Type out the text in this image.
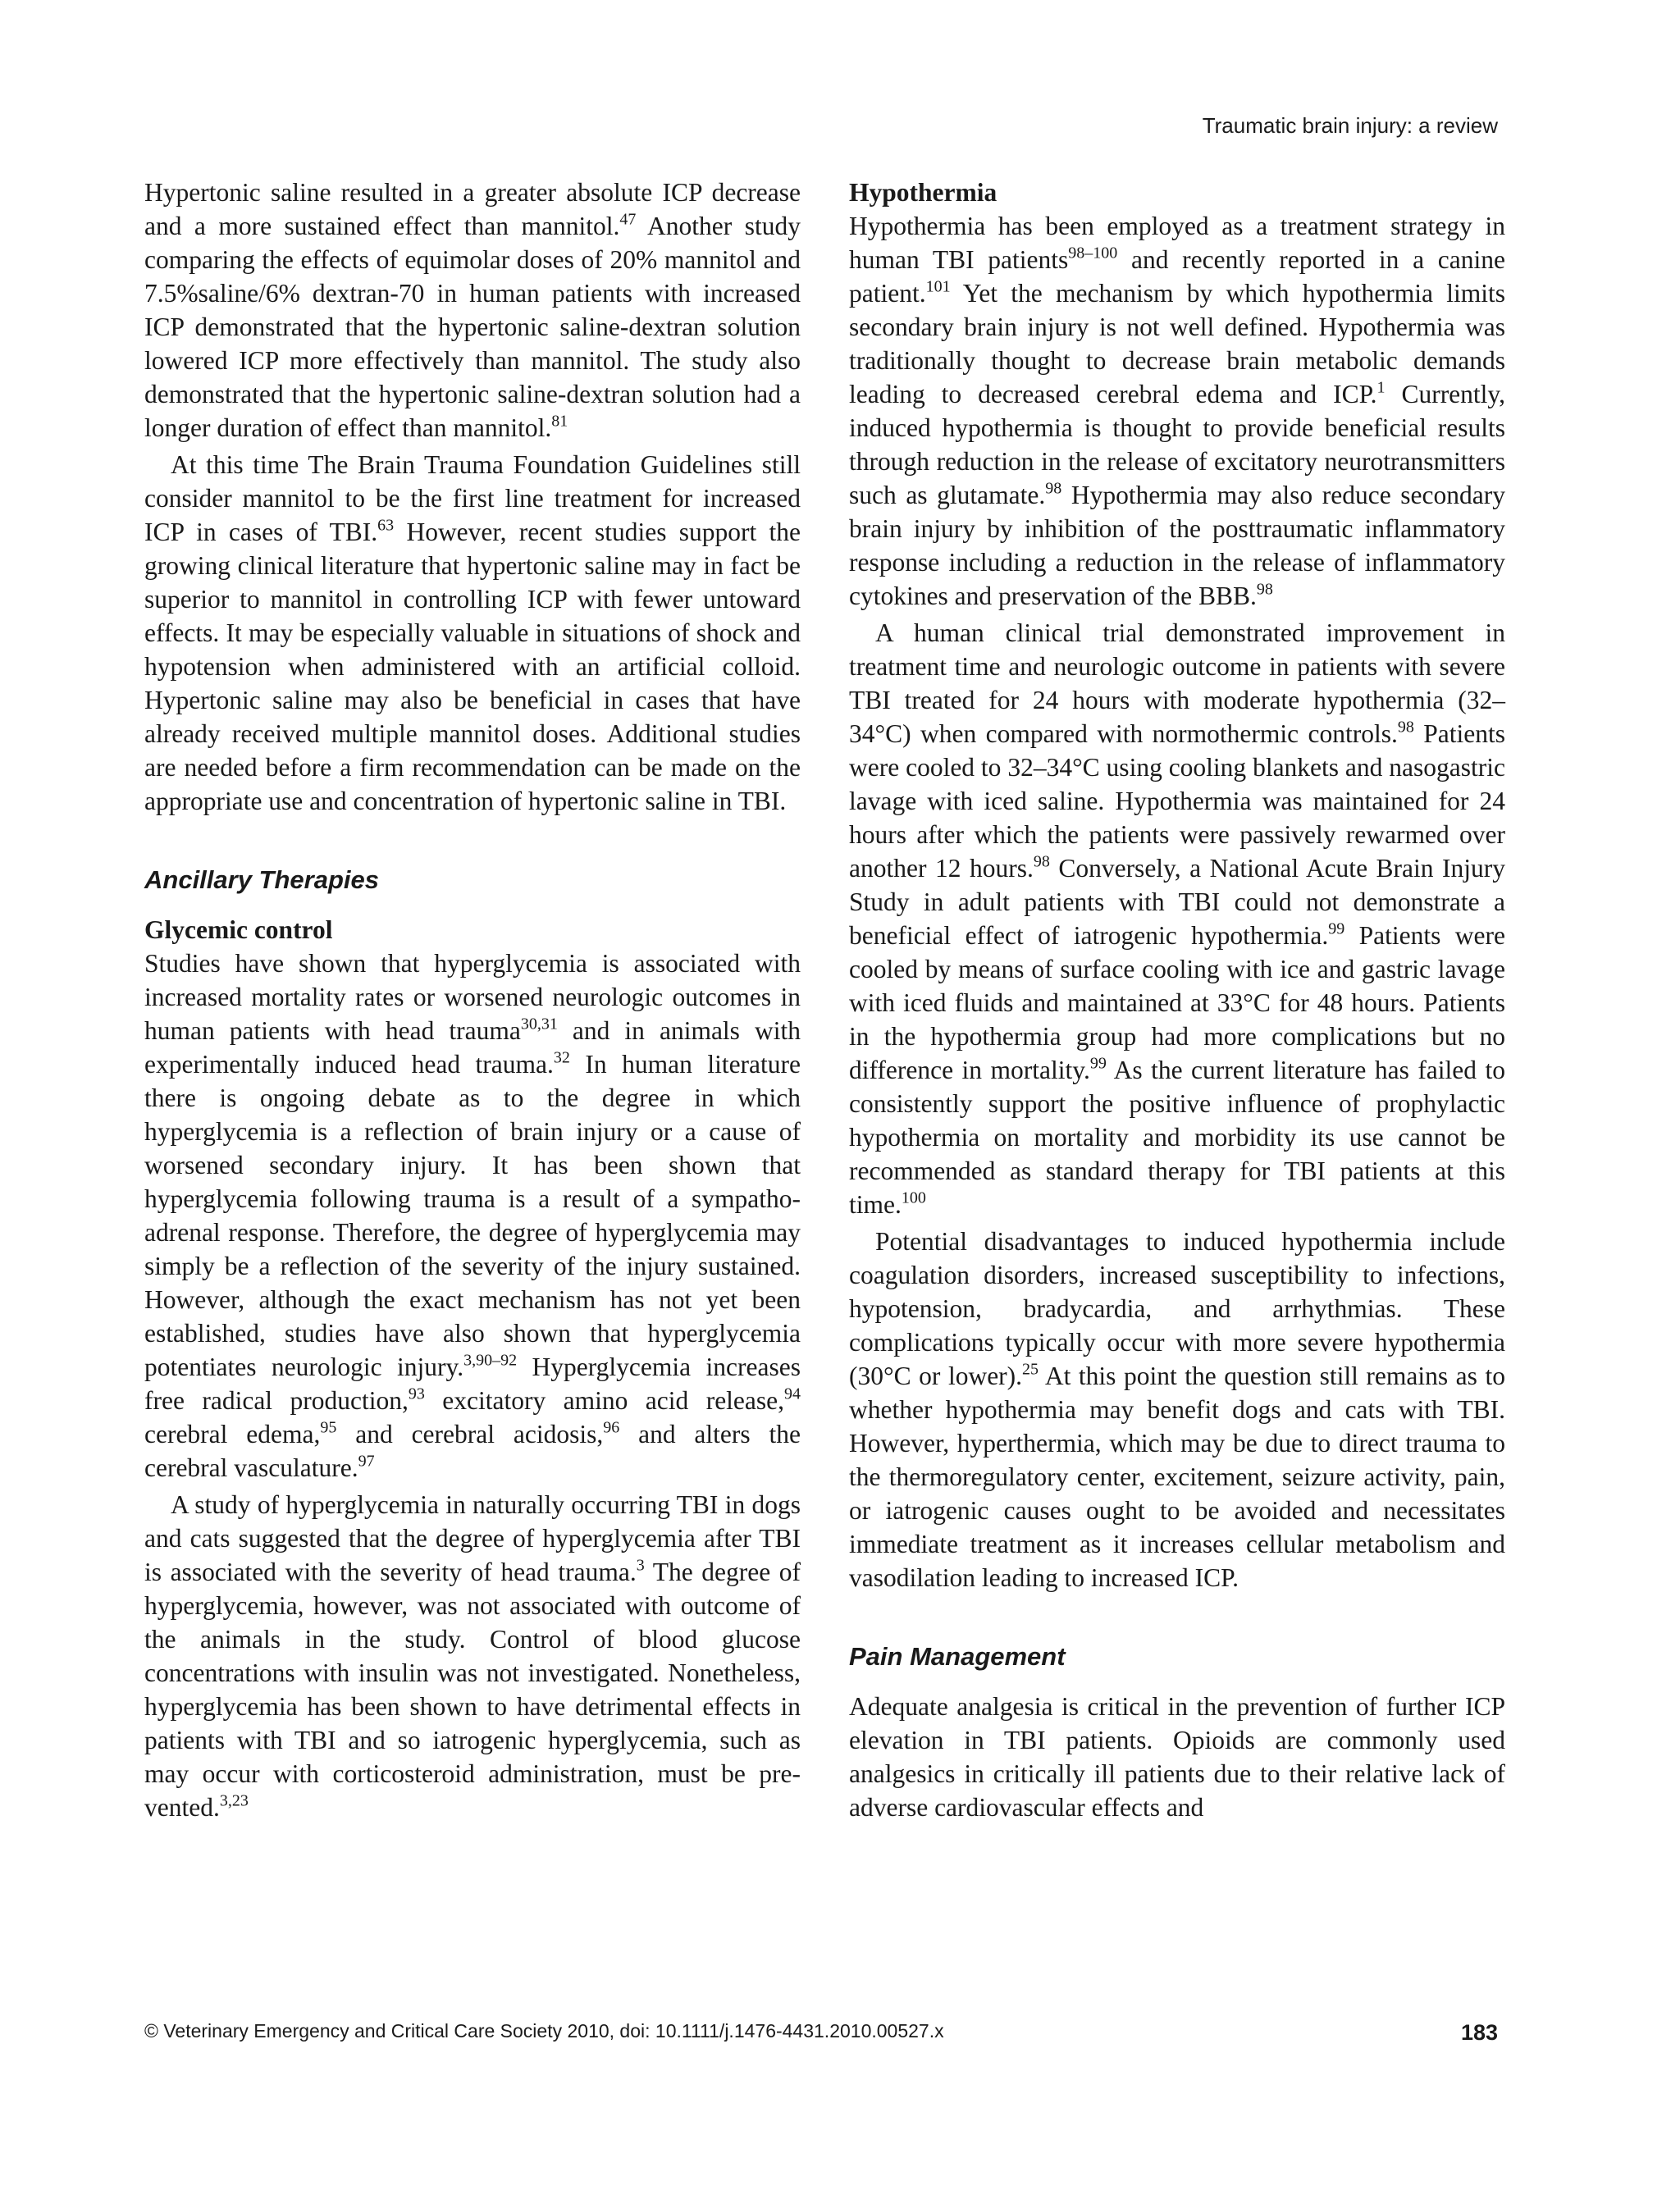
Traumatic brain injury: a review

Hypertonic saline resulted in a greater absolute ICP decrease and a more sustained effect than mannitol.$^{47}$ Another study comparing the effects of equimolar doses of 20% mannitol and 7.5%saline/6% dextran-70 in human patients with increased ICP demonstrated that the hypertonic saline-dextran solution lowered ICP more effectively than mannitol. The study also demonstrated that the hypertonic saline-dextran solution had a longer duration of effect than mannitol.$^{81}$

At this time The Brain Trauma Foundation Guidelines still consider mannitol to be the first line treatment for increased ICP in cases of TBI.$^{63}$ However, recent studies support the growing clinical literature that hypertonic saline may in fact be superior to mannitol in controlling ICP with fewer untoward effects. It may be especially valuable in situations of shock and hypotension when administered with an artificial colloid. Hypertonic saline may also be beneficial in cases that have already received multiple mannitol doses. Additional studies are needed before a firm recommendation can be made on the appropriate use and concentration of hypertonic saline in TBI.

Ancillary Therapies
Glycemic control

Studies have shown that hyperglycemia is associated with increased mortality rates or worsened neurologic outcomes in human patients with head trauma$^{30,31}$ and in animals with experimentally induced head trauma.$^{32}$ In human literature there is ongoing debate as to the degree in which hyperglycemia is a reflection of brain injury or a cause of worsened secondary injury. It has been shown that hyperglycemia following trauma is a result of a sympatho-adrenal response. Therefore, the degree of hyperglycemia may simply be a reflection of the severity of the injury sustained. However, although the exact mechanism has not yet been established, studies have also shown that hyperglycemia potentiates neurologic injury.$^{3,90-92}$ Hyperglycemia increases free radical production,$^{93}$ excitatory amino acid release,$^{94}$ cerebral edema,$^{95}$ and cerebral acidosis,$^{96}$ and alters the cerebral vasculature.$^{97}$

A study of hyperglycemia in naturally occurring TBI in dogs and cats suggested that the degree of hyperglycemia after TBI is associated with the severity of head trauma.$^3$ The degree of hyperglycemia, however, was not associated with outcome of the animals in the study. Control of blood glucose concentrations with insulin was not investigated. Nonetheless, hyperglycemia has been shown to have detrimental effects in patients with TBI and so iatrogenic hyperglycemia, such as may occur with corticosteroid administration, must be prevented.$^{3,23}$

Hypothermia

Hypothermia has been employed as a treatment strategy in human TBI patients$^{98-100}$ and recently reported in a canine patient.$^{101}$ Yet the mechanism by which hypothermia limits secondary brain injury is not well defined. Hypothermia was traditionally thought to decrease brain metabolic demands leading to decreased cerebral edema and ICP.$^1$ Currently, induced hypothermia is thought to provide beneficial results through reduction in the release of excitatory neurotransmitters such as glutamate.$^{98}$ Hypothermia may also reduce secondary brain injury by inhibition of the posttraumatic inflammatory response including a reduction in the release of inflammatory cytokines and preservation of the BBB.$^{98}$

A human clinical trial demonstrated improvement in treatment time and neurologic outcome in patients with severe TBI treated for 24 hours with moderate hypothermia (32–34°C) when compared with normothermic controls.$^{98}$ Patients were cooled to 32–34°C using cooling blankets and nasogastric lavage with iced saline. Hypothermia was maintained for 24 hours after which the patients were passively rewarmed over another 12 hours.$^{98}$ Conversely, a National Acute Brain Injury Study in adult patients with TBI could not demonstrate a beneficial effect of iatrogenic hypothermia.$^{99}$ Patients were cooled by means of surface cooling with ice and gastric lavage with iced fluids and maintained at 33°C for 48 hours. Patients in the hypothermia group had more complications but no difference in mortality.$^{99}$ As the current literature has failed to consistently support the positive influence of prophylactic hypothermia on mortality and morbidity its use cannot be recommended as standard therapy for TBI patients at this time.$^{100}$

Potential disadvantages to induced hypothermia include coagulation disorders, increased susceptibility to infections, hypotension, bradycardia, and arrhythmias. These complications typically occur with more severe hypothermia (30°C or lower).$^{25}$ At this point the question still remains as to whether hypothermia may benefit dogs and cats with TBI. However, hyperthermia, which may be due to direct trauma to the thermoregulatory center, excitement, seizure activity, pain, or iatrogenic causes ought to be avoided and necessitates immediate treatment as it increases cellular metabolism and vasodilation leading to increased ICP.

Pain Management

Adequate analgesia is critical in the prevention of further ICP elevation in TBI patients. Opioids are commonly used analgesics in critically ill patients due to their relative lack of adverse cardiovascular effects and

© Veterinary Emergency and Critical Care Society 2010, doi: 10.1111/j.1476-4431.2010.00527.x	183
